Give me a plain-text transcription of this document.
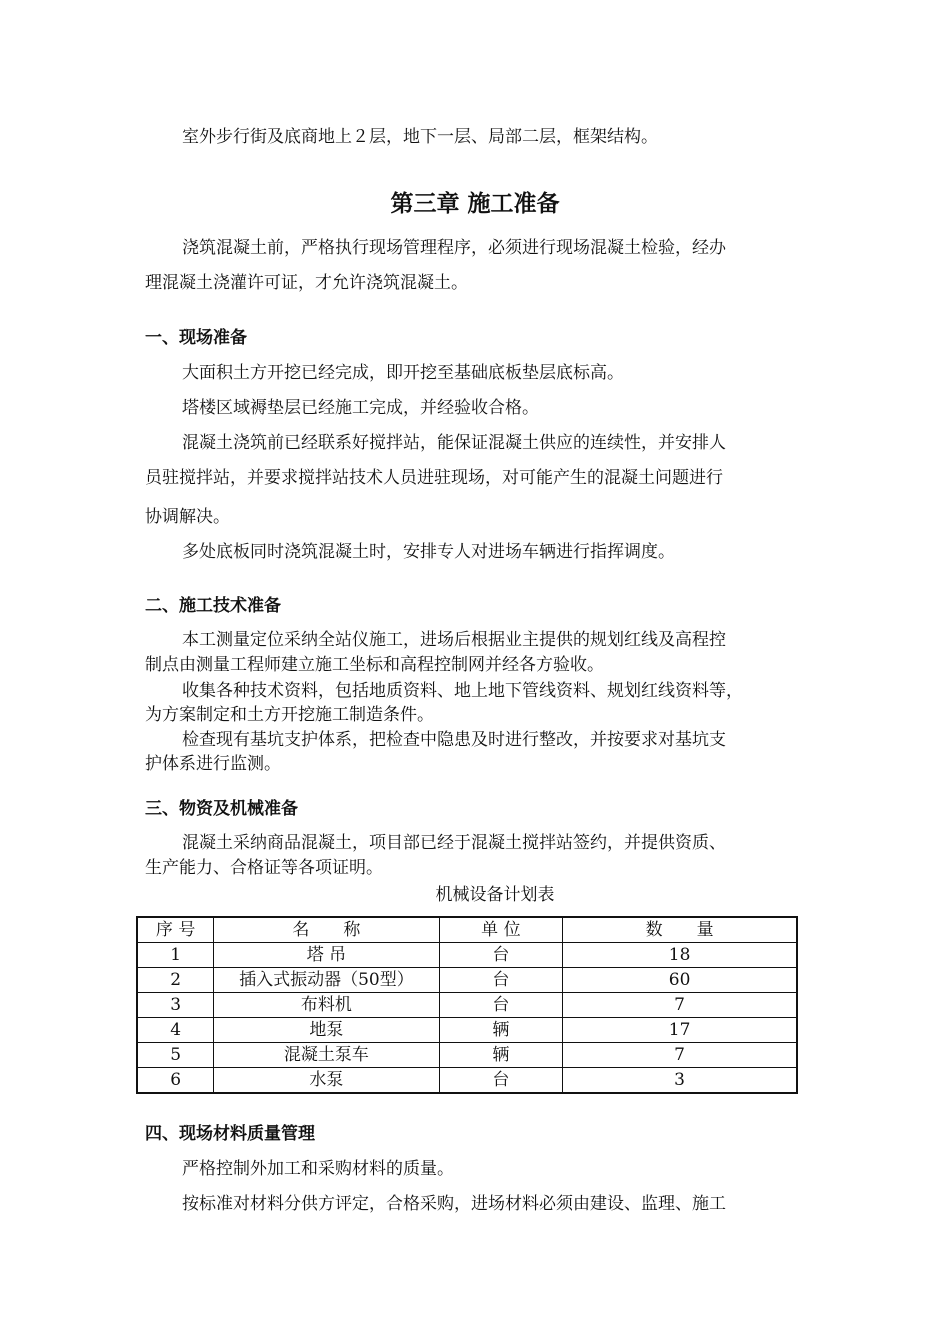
室外步行街及底商地上２层，地下一层、局部二层，框架结构。
第三章 施工准备
浇筑混凝土前，严格执行现场管理程序，必须进行现场混凝土检验，经办
理混凝土浇灌许可证，才允许浇筑混凝土。
一、现场准备
大面积土方开挖已经完成，即开挖至基础底板垫层底标高。
塔楼区域褥垫层已经施工完成，并经验收合格。
混凝土浇筑前已经联系好搅拌站，能保证混凝土供应的连续性，并安排人
员驻搅拌站，并要求搅拌站技术人员进驻现场，对可能产生的混凝土问题进行
协调解决。
多处底板同时浇筑混凝土时，安排专人对进场车辆进行指挥调度。
二、施工技术准备
本工测量定位采纳全站仪施工，进场后根据业主提供的规划红线及高程控
制点由测量工程师建立施工坐标和高程控制网并经各方验收。
收集各种技术资料，包括地质资料、地上地下管线资料、规划红线资料等，
为方案制定和土方开挖施工制造条件。
检查现有基坑支护体系，把检查中隐患及时进行整改，并按要求对基坑支
护体系进行监测。
三、物资及机械准备
混凝土采纳商品混凝土，项目部已经于混凝土搅拌站签约，并提供资质、
生产能力、合格证等各项证明。
机械设备计划表
序 号	名　　称	单 位	数　　量
1	塔 吊	台	18
2	插入式振动器（50型）	台	60
3	布料机	台	7
4	地泵	辆	17
5	混凝土泵车	辆	7
6	水泵	台	3
四、现场材料质量管理
严格控制外加工和采购材料的质量。
按标准对材料分供方评定，合格采购，进场材料必须由建设、监理、施工
